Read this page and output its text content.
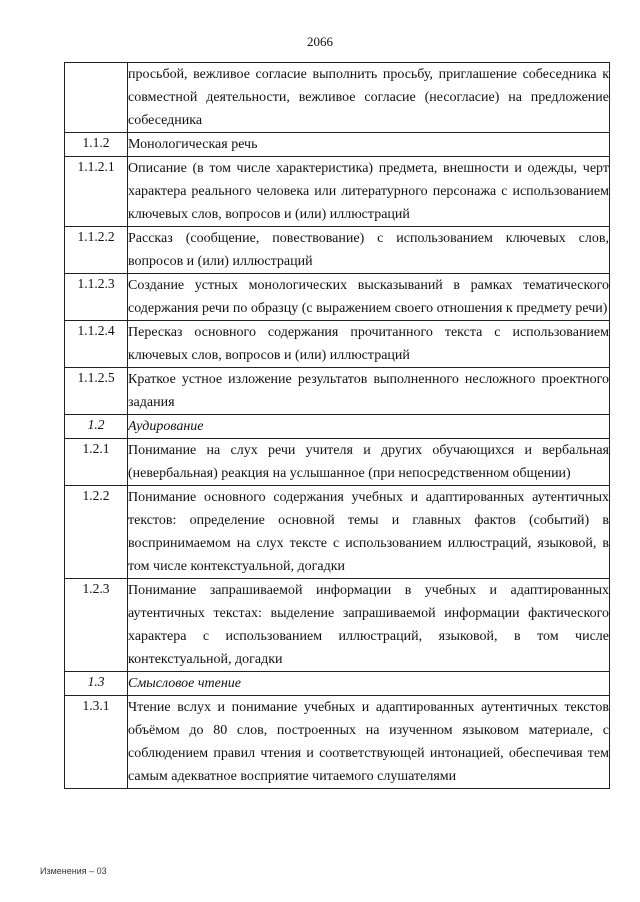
2066
	просьбой, вежливое согласие выполнить просьбу, приглашение собеседника к совместной деятельности, вежливое согласие (несогласие) на предложение собеседника
1.1.2	Монологическая речь
1.1.2.1	Описание (в том числе характеристика) предмета, внешности и одежды, черт характера реального человека или литературного персонажа с использованием ключевых слов, вопросов и (или) иллюстраций
1.1.2.2	Рассказ (сообщение, повествование) с использованием ключевых слов, вопросов и (или) иллюстраций
1.1.2.3	Создание устных монологических высказываний в рамках тематического содержания речи по образцу (с выражением своего отношения к предмету речи)
1.1.2.4	Пересказ основного содержания прочитанного текста с использованием ключевых слов, вопросов и (или) иллюстраций
1.1.2.5	Краткое устное изложение результатов выполненного несложного проектного задания
1.2	Аудирование
1.2.1	Понимание на слух речи учителя и других обучающихся и вербальная (невербальная) реакция на услышанное (при непосредственном общении)
1.2.2	Понимание основного содержания учебных и адаптированных аутентичных текстов: определение основной темы и главных фактов (событий) в воспринимаемом на слух тексте с использованием иллюстраций, языковой, в том числе контекстуальной, догадки
1.2.3	Понимание запрашиваемой информации в учебных и адаптированных аутентичных текстах: выделение запрашиваемой информации фактического характера с использованием иллюстраций, языковой, в том числе контекстуальной, догадки
1.3	Смысловое чтение
1.3.1	Чтение вслух и понимание учебных и адаптированных аутентичных текстов объёмом до 80 слов, построенных на изученном языковом материале, с соблюдением правил чтения и соответствующей интонацией, обеспечивая тем самым адекватное восприятие читаемого слушателями
Изменения – 03
